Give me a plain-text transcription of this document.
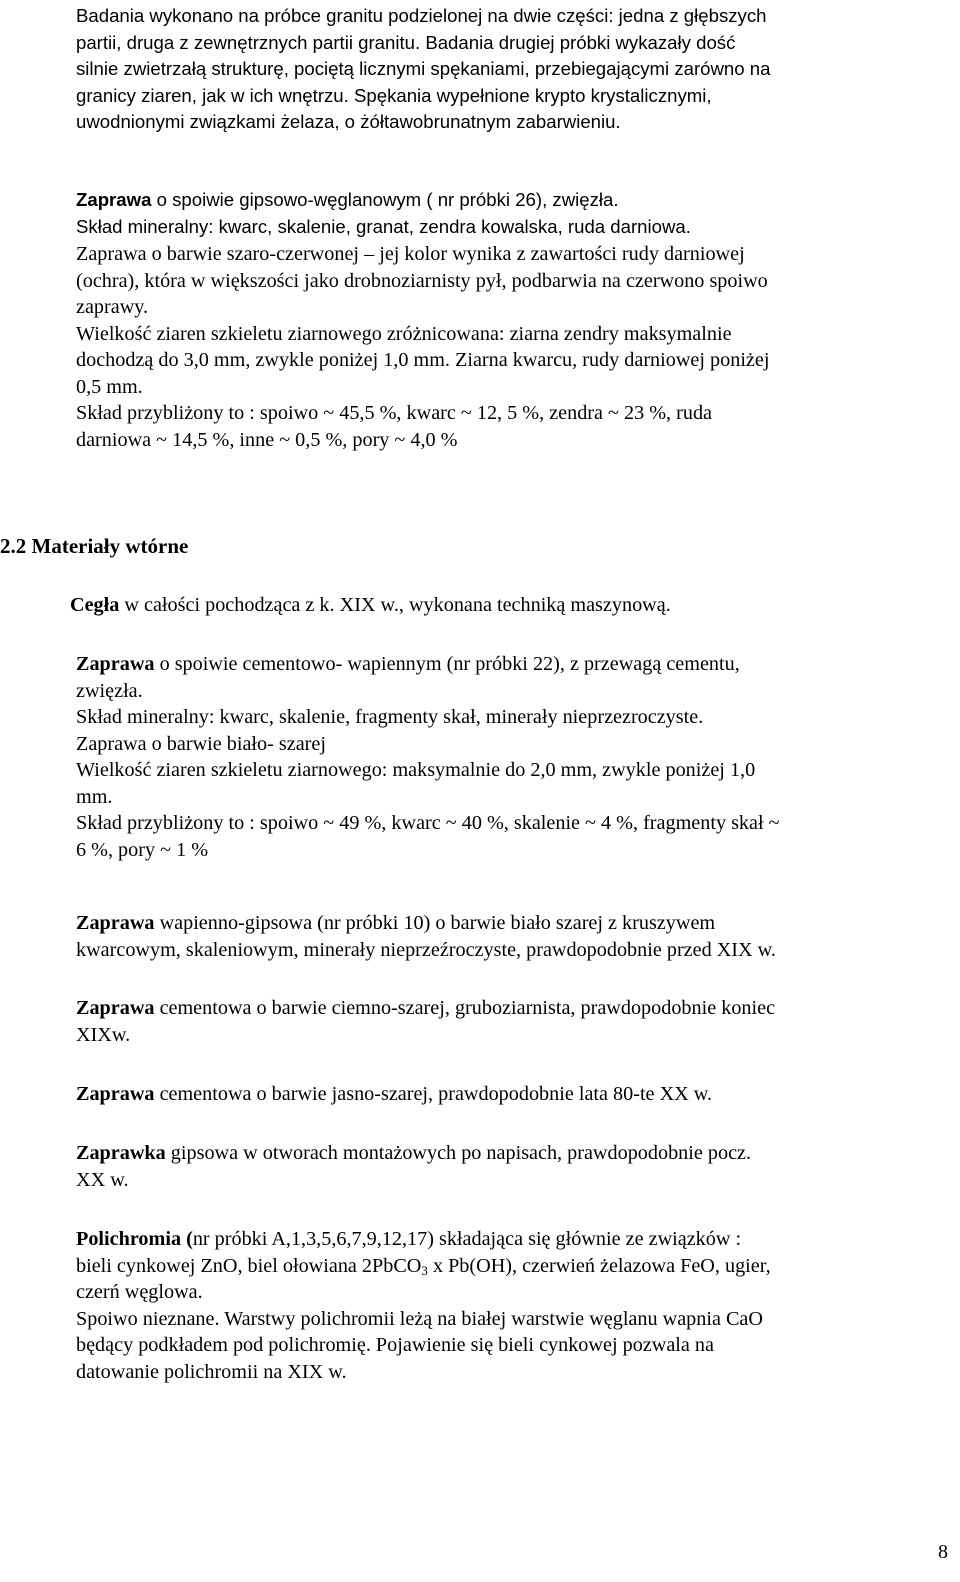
Badania wykonano na próbce granitu podzielonej na dwie części: jedna z głębszych
partii, druga z zewnętrznych partii granitu. Badania drugiej próbki wykazały dość
silnie zwietrzałą strukturę, pociętą licznymi spękaniami, przebiegającymi zarówno na
granicy ziaren, jak w ich wnętrzu. Spękania wypełnione krypto krystalicznymi,
uwodnionymi związkami żelaza, o żółtawobrunatnym zabarwieniu.
Zaprawa o spoiwie gipsowo-węglanowym ( nr próbki 26), zwięzła.
Skład mineralny: kwarc, skalenie, granat, zendra kowalska, ruda darniowa.
Zaprawa o barwie szaro-czerwonej – jej kolor wynika z zawartości rudy darniowej
(ochra), która w większości jako drobnoziarnisty pył, podbarwia na czerwono spoiwo
zaprawy.
Wielkość ziaren szkieletu ziarnowego zróżnicowana: ziarna zendry maksymalnie
dochodzą do 3,0 mm, zwykle poniżej 1,0 mm. Ziarna kwarcu, rudy darniowej poniżej
0,5 mm.
Skład przybliżony to : spoiwo ~ 45,5 %, kwarc ~ 12, 5 %, zendra ~ 23 %, ruda
darniowa ~ 14,5 %, inne ~ 0,5 %, pory ~ 4,0 %
2.2 Materiały wtórne
Cegła w całości pochodząca z k. XIX w., wykonana techniką maszynową.
Zaprawa o spoiwie cementowo- wapiennym (nr próbki 22), z przewagą cementu,
zwięzła.
Skład mineralny: kwarc, skalenie, fragmenty skał, minerały nieprzezroczyste.
Zaprawa o barwie biało- szarej
Wielkość ziaren szkieletu ziarnowego: maksymalnie do 2,0 mm, zwykle poniżej 1,0
mm.
Skład przybliżony to : spoiwo ~ 49 %, kwarc ~ 40 %, skalenie ~ 4 %, fragmenty skał ~
6 %, pory ~ 1 %
Zaprawa wapienno-gipsowa (nr próbki 10) o barwie biało szarej z kruszywem
kwarcowym, skaleniowym, minerały nieprzeźroczyste, prawdopodobnie przed XIX w.
Zaprawa cementowa o barwie ciemno-szarej, gruboziarnista, prawdopodobnie koniec
XIXw.
Zaprawa cementowa o barwie jasno-szarej, prawdopodobnie lata 80-te XX w.
Zaprawka gipsowa w otworach montażowych po napisach, prawdopodobnie pocz.
XX w.
Polichromia (nr próbki A,1,3,5,6,7,9,12,17) składająca się głównie ze związków :
bieli cynkowej ZnO, biel ołowiana 2PbCO$_3$ x Pb(OH), czerwień żelazowa FeO, ugier,
czerń węglowa.
Spoiwo nieznane. Warstwy polichromii leżą na białej warstwie węglanu wapnia CaO
będący podkładem pod polichromię. Pojawienie się bieli cynkowej pozwala na
datowanie polichromii na XIX w.
8
